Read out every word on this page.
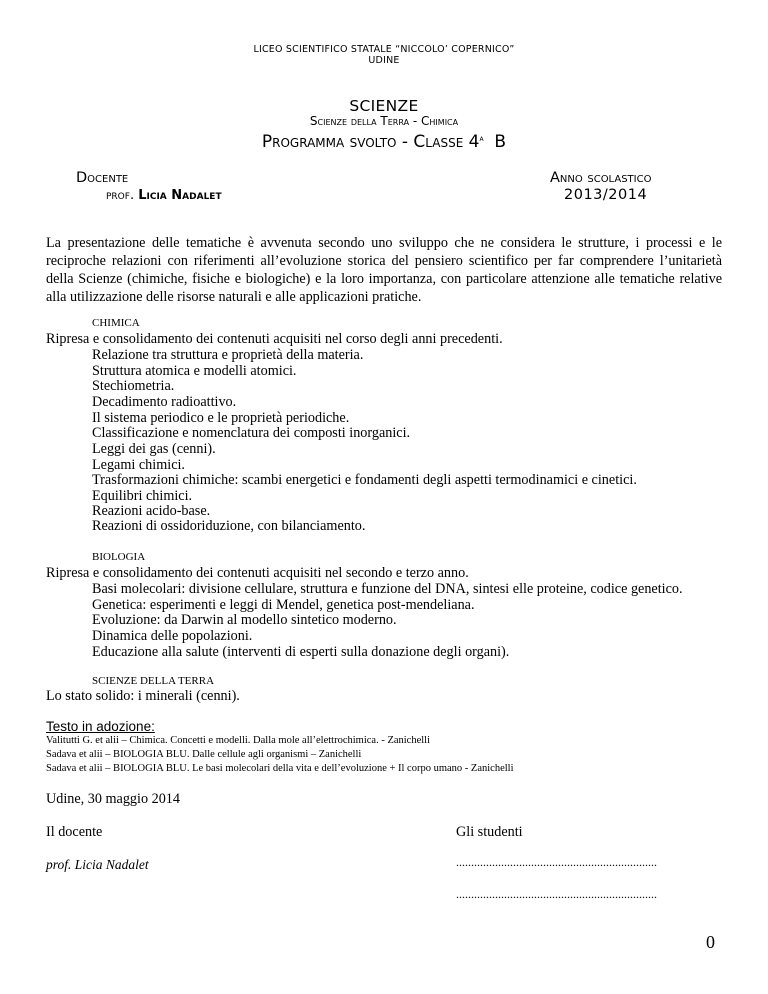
LICEO SCIENTIFICO STATALE “NICCOLO’ COPERNICO”
UDINE
SCIENZE
Scienze della Terra - Chimica
Programma svolto - Classe 4$^a$ B
Docente
prof. Licia Nadalet
Anno scolastico
2013/2014
La presentazione delle tematiche è avvenuta secondo uno sviluppo che ne considera le strutture, i processi e le reciproche relazioni con riferimenti all’evoluzione storica del pensiero scientifico per far comprendere l’unitarietà della Scienze (chimiche, fisiche e biologiche) e la loro importanza, con particolare attenzione alle tematiche relative alla utilizzazione delle risorse naturali e alle applicazioni pratiche.
CHIMICA
Ripresa e consolidamento dei contenuti acquisiti nel corso degli anni precedenti.
Relazione tra struttura e proprietà della materia.
Struttura atomica e modelli atomici.
Stechiometria.
Decadimento radioattivo.
Il sistema periodico e le proprietà periodiche.
Classificazione e nomenclatura dei composti inorganici.
Leggi dei gas (cenni).
Legami chimici.
Trasformazioni chimiche: scambi energetici e fondamenti degli aspetti termodinamici e cinetici.
Equilibri chimici.
Reazioni acido-base.
Reazioni di ossidoriduzione, con bilanciamento.
BIOLOGIA
Ripresa e consolidamento dei contenuti acquisiti nel secondo e terzo anno.
Basi molecolari: divisione cellulare, struttura e funzione del DNA, sintesi elle proteine, codice genetico.
Genetica: esperimenti e leggi di Mendel, genetica post-mendeliana.
Evoluzione: da Darwin al modello sintetico moderno.
Dinamica delle popolazioni.
Educazione alla salute (interventi di esperti sulla donazione degli organi).
SCIENZE DELLA TERRA
Lo stato solido: i minerali (cenni).
Testo in adozione:
Valitutti G. et alii – Chimica. Concetti e modelli. Dalla mole all’elettrochimica. - Zanichelli
Sadava et alii – BIOLOGIA BLU. Dalle cellule agli organismi – Zanichelli
Sadava et alii – BIOLOGIA BLU. Le basi molecolari della vita e dell’evoluzione + Il corpo umano - Zanichelli
Udine, 30 maggio 2014
Il docente	Gli studenti
prof. Licia Nadalet	...................................................................
...................................................................
0
